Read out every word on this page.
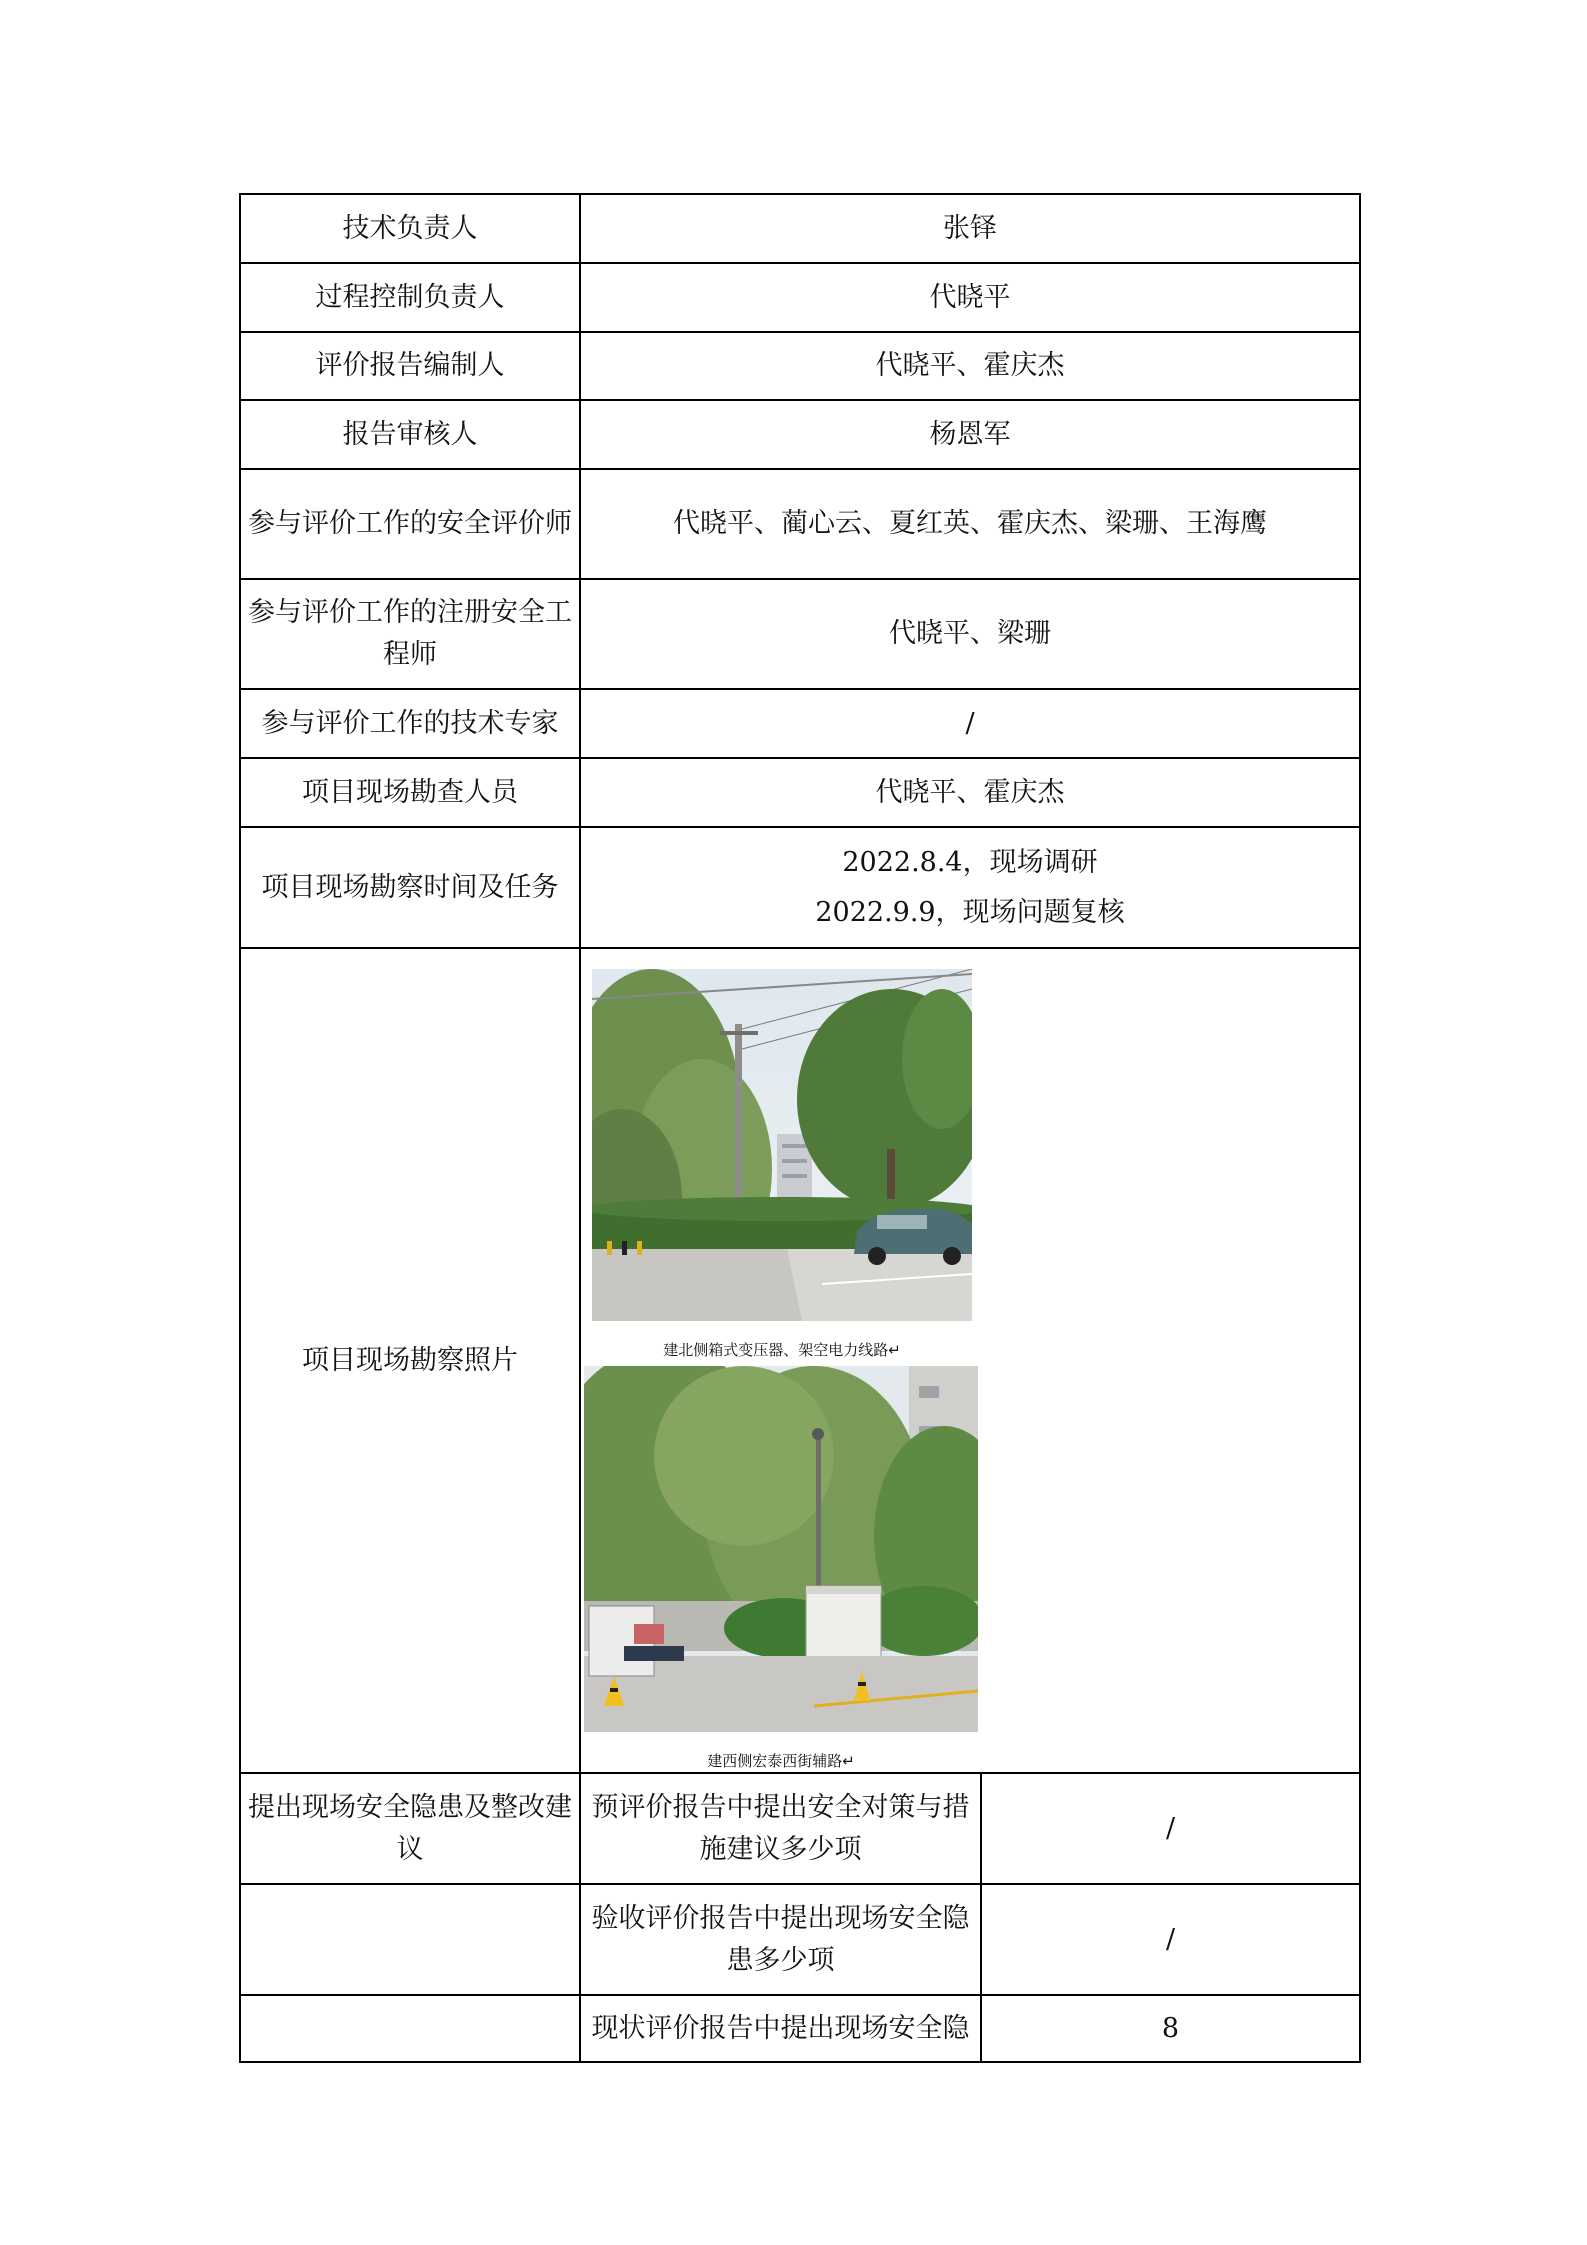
技术负责人	张铎	
过程控制负责人	代晓平	
评价报告编制人	代晓平、霍庆杰	
报告审核人	杨恩军	
参与评价工作的安全评价师	代晓平、蔺心云、夏红英、霍庆杰、梁珊、王海鹰	
参与评价工作的注册安全工程师	代晓平、梁珊	
参与评价工作的技术专家	/	
项目现场勘查人员	代晓平、霍庆杰	
项目现场勘察时间及任务	2022.8.4，现场调研
2022.9.9，现场问题复核	

项目现场勘察照片	建北侧箱式变压器、架空电力线路↵
建西侧宏泰西街辅路↵	

提出现场安全隐患及整改建议	预评价报告中提出安全对策与措施建议多少项	/
	验收评价报告中提出现场安全隐患多少项	/
	现状评价报告中提出现场安全隐	8
